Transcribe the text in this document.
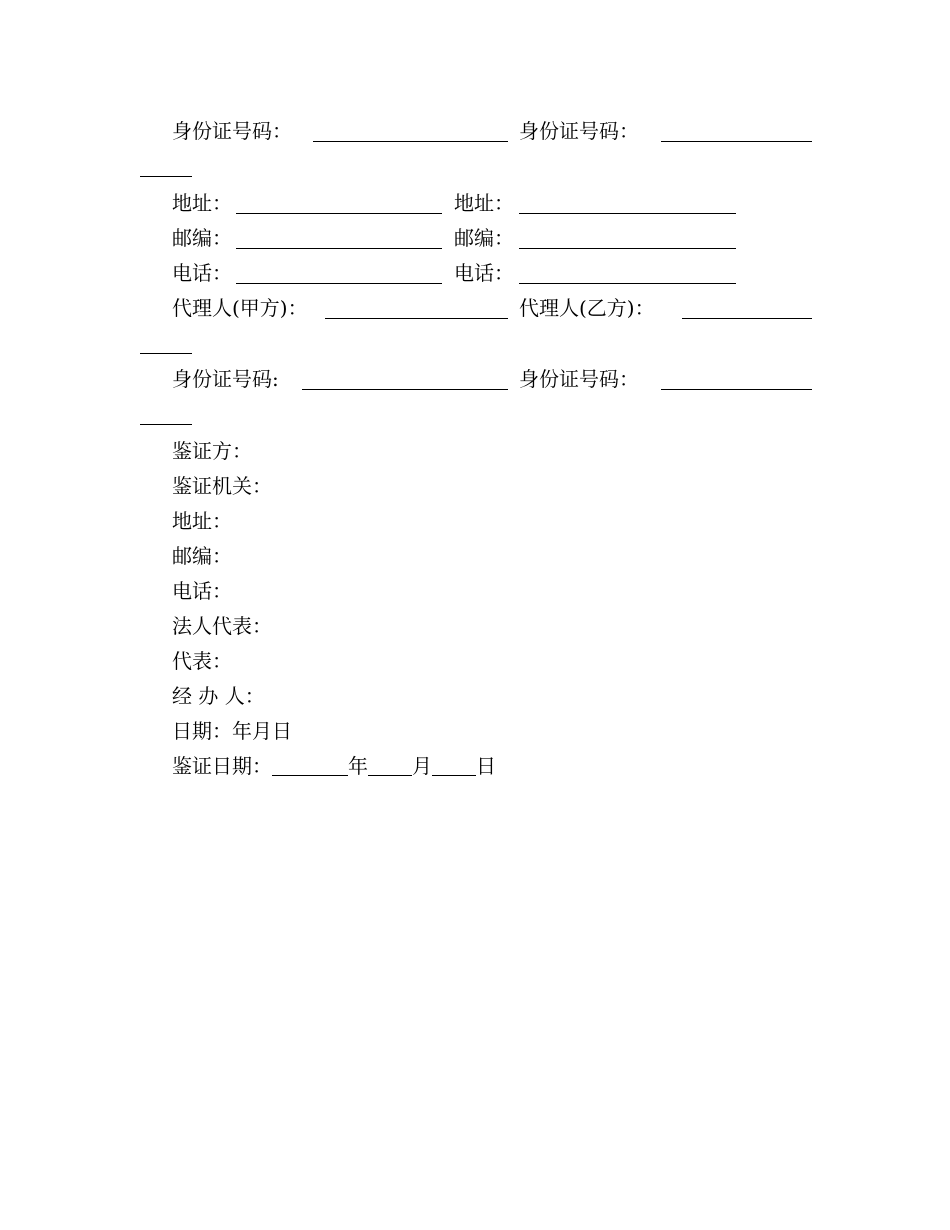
身份证号码：	身份证号码：
地址：	地址：
邮编：	邮编：
电话：	电话：
代理人(甲方)：	代理人(乙方)：
身份证号码:	身份证号码：
鉴证方：
鉴证机关：
地址：
邮编：
电话：
法人代表：
代表：
经 办 人：
日期：年月日
鉴证日期：	年 月 日
